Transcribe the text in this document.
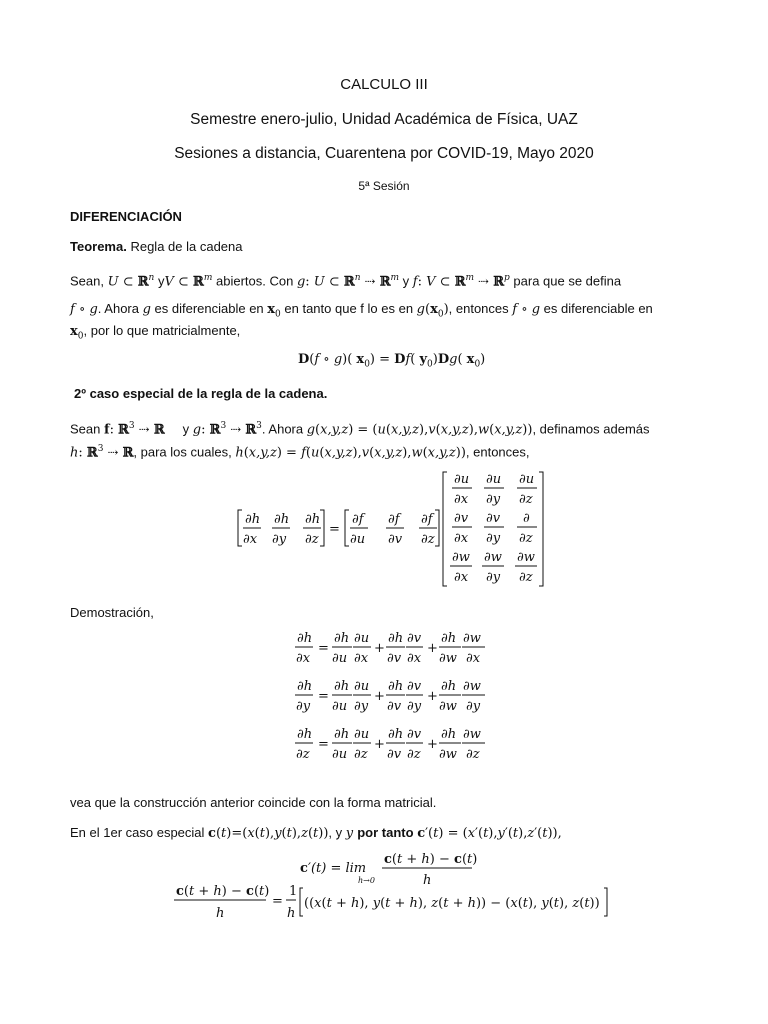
CALCULO III
Semestre enero-julio, Unidad Académica de Física, UAZ
Sesiones a distancia, Cuarentena por COVID-19, Mayo 2020
5ª Sesión
DIFERENCIACIÓN
Teorema. Regla de la cadena
Sean, U ⊂ ℝ$^n$ yV ⊂ ℝ$^m$ abiertos. Con g: U ⊂ ℝ$^n$ ⇢ ℝ$^m$ y f: V ⊂ ℝ$^m$ ⇢ ℝ$^p$ para que se defina
f ∘ g. Ahora g es diferenciable en $x_0$ en tanto que f lo es en $g(x_0)$, entonces f ∘ g es diferenciable en
$x_0$, por lo que matricialmente,
D(f ∘ g)( $x_0) = Df$( $y_0)Dg$( $x_0$)
2º caso especial de la regla de la cadena.
Sean f: ℝ$^3$ ⇢ ℝ     y g: ℝ$^3$ ⇢ ℝ$^3$. Ahora g(x,y,z) = (u(x,y,z),v(x,y,z),w(x,y,z)), definamos además
h: ℝ$^3$ ⇢ ℝ, para los cuales, h(x,y,z) = f(u(x,y,z),v(x,y,z),w(x,y,z)), entonces,
∂h
∂x
∂h
∂y
∂h
∂z
=
∂f
∂u
∂f
∂v
∂f
∂z
∂u
∂x
∂u
∂y
∂u
∂z
∂v
∂x
∂v
∂y
∂
∂z
∂w
∂x
∂w
∂y
∂w
∂z
Demostración,
∂h
∂x
=
∂h
∂u
∂u
∂x
+
∂h
∂v
∂v
∂x
+
∂h
∂w
∂w
∂x
∂h
∂y
=
∂h
∂u
∂u
∂y
+
∂h
∂v
∂v
∂y
+
∂h
∂w
∂w
∂y
∂h
∂z
=
∂h
∂u
∂u
∂z
+
∂h
∂v
∂v
∂z
+
∂h
∂w
∂w
∂z
vea que la construcción anterior coincide con la forma matricial.
En el 1er caso especial c(t)=(x(t),y(t),z(t)), y y por tanto c′(t) = (x′(t),y′(t),z′(t)),
c ′(t) = lim
h→0
c(t + h) − c(t)
h
c(t + h) − c(t)
h
=
1
h
((x(t + h), y(t + h), z(t + h)) − (x(t), y(t), z(t))
